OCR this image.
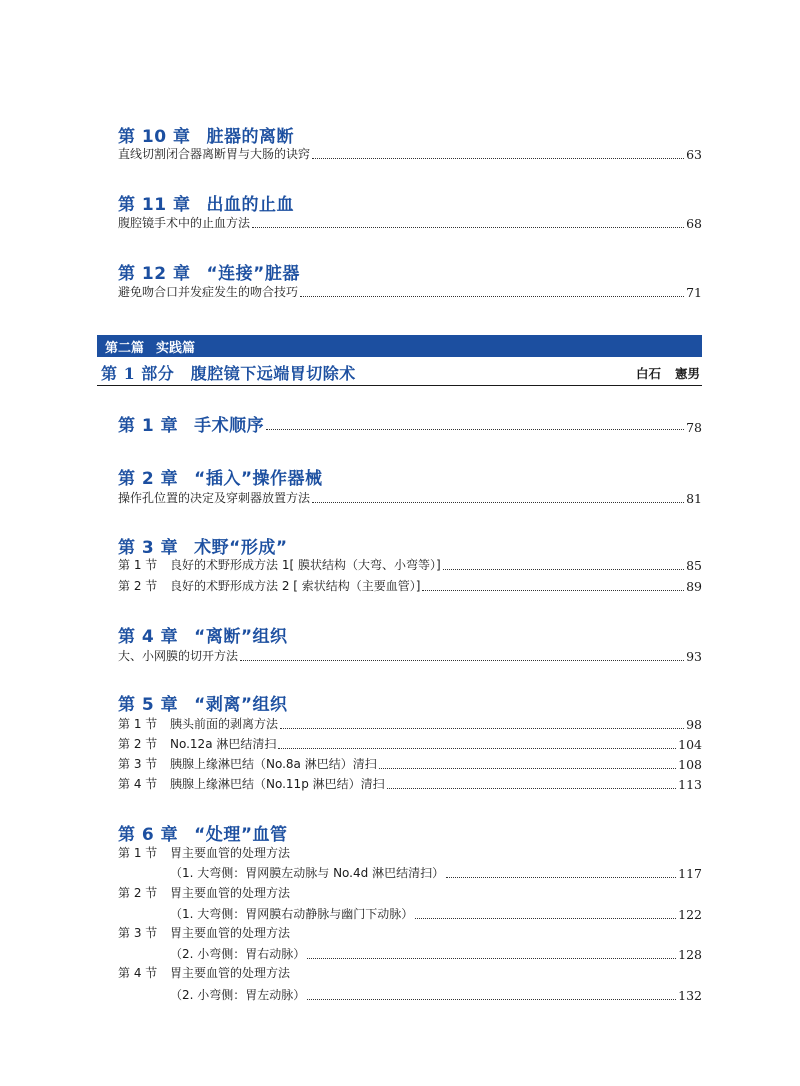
第 10 章 脏器的离断
直线切割闭合器离断胃与大肠的诀窍	63
第 11 章 出血的止血
腹腔镜手术中的止血方法	68
第 12 章 “连接”脏器
避免吻合口并发症发生的吻合技巧	71
第二篇 实践篇
第 1 部分　腹腔镜下远端胃切除术	白石 憲男
第 1 章 手术顺序	78
第 2 章 “插入”操作器械
操作孔位置的决定及穿刺器放置方法	81
第 3 章 术野“形成”
第 1 节	良好的术野形成方法 1[ 膜状结构（大弯、小弯等）]	85
第 2 节	良好的术野形成方法 2 [ 索状结构（主要血管）]	89
第 4 章 “离断”组织
大、小网膜的切开方法	93
第 5 章 “剥离”组织
第 1 节	胰头前面的剥离方法	98
第 2 节	No.12a 淋巴结清扫	104
第 3 节	胰腺上缘淋巴结（No.8a 淋巴结）清扫	108
第 4 节	胰腺上缘淋巴结（No.11p 淋巴结）清扫	113
第 6 章 “处理”血管
第 1 节	胃主要血管的处理方法
（1. 大弯侧：胃网膜左动脉与 No.4d 淋巴结清扫）	117
第 2 节	胃主要血管的处理方法
（1. 大弯侧：胃网膜右动静脉与幽门下动脉）	122
第 3 节	胃主要血管的处理方法
（2. 小弯侧：胃右动脉）	128
第 4 节	胃主要血管的处理方法
（2. 小弯侧：胃左动脉）	132
